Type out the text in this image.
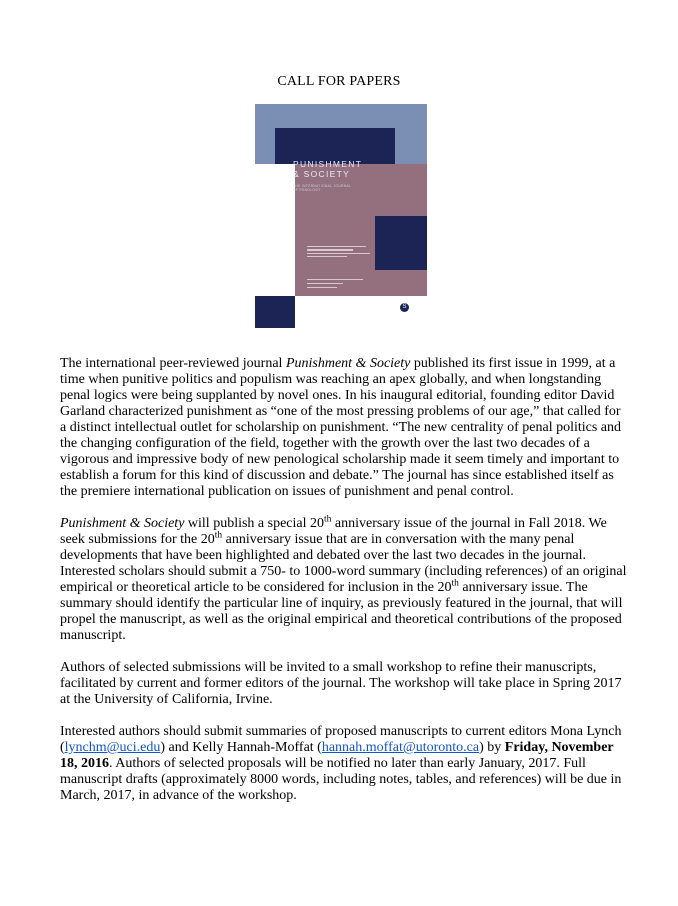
CALL FOR PAPERS
PUNISHMENT
& SOCIETY
THE INTERNATIONAL JOURNAL
OF PENOLOGY
S

The international peer-reviewed journal Punishment & Society published its first issue in 1999, at a time when punitive politics and populism was reaching an apex globally, and when longstanding penal logics were being supplanted by novel ones. In his inaugural editorial, founding editor David Garland characterized punishment as “one of the most pressing problems of our age,” that called for a distinct intellectual outlet for scholarship on punishment. “The new centrality of penal politics and the changing configuration of the field, together with the growth over the last two decades of a vigorous and impressive body of new penological scholarship made it seem timely and important to establish a forum for this kind of discussion and debate.” The journal has since established itself as the premiere international publication on issues of punishment and penal control.

Punishment & Society will publish a special 20th anniversary issue of the journal in Fall 2018. We seek submissions for the 20th anniversary issue that are in conversation with the many penal developments that have been highlighted and debated over the last two decades in the journal. Interested scholars should submit a 750- to 1000-word summary (including references) of an original empirical or theoretical article to be considered for inclusion in the 20th anniversary issue. The summary should identify the particular line of inquiry, as previously featured in the journal, that will propel the manuscript, as well as the original empirical and theoretical contributions of the proposed manuscript.

Authors of selected submissions will be invited to a small workshop to refine their manuscripts, facilitated by current and former editors of the journal. The workshop will take place in Spring 2017 at the University of California, Irvine.

Interested authors should submit summaries of proposed manuscripts to current editors Mona Lynch (lynchm@uci.edu) and Kelly Hannah-Moffat (hannah.moffat@utoronto.ca) by Friday, November 18, 2016. Authors of selected proposals will be notified no later than early January, 2017. Full manuscript drafts (approximately 8000 words, including notes, tables, and references) will be due in March, 2017, in advance of the workshop.
